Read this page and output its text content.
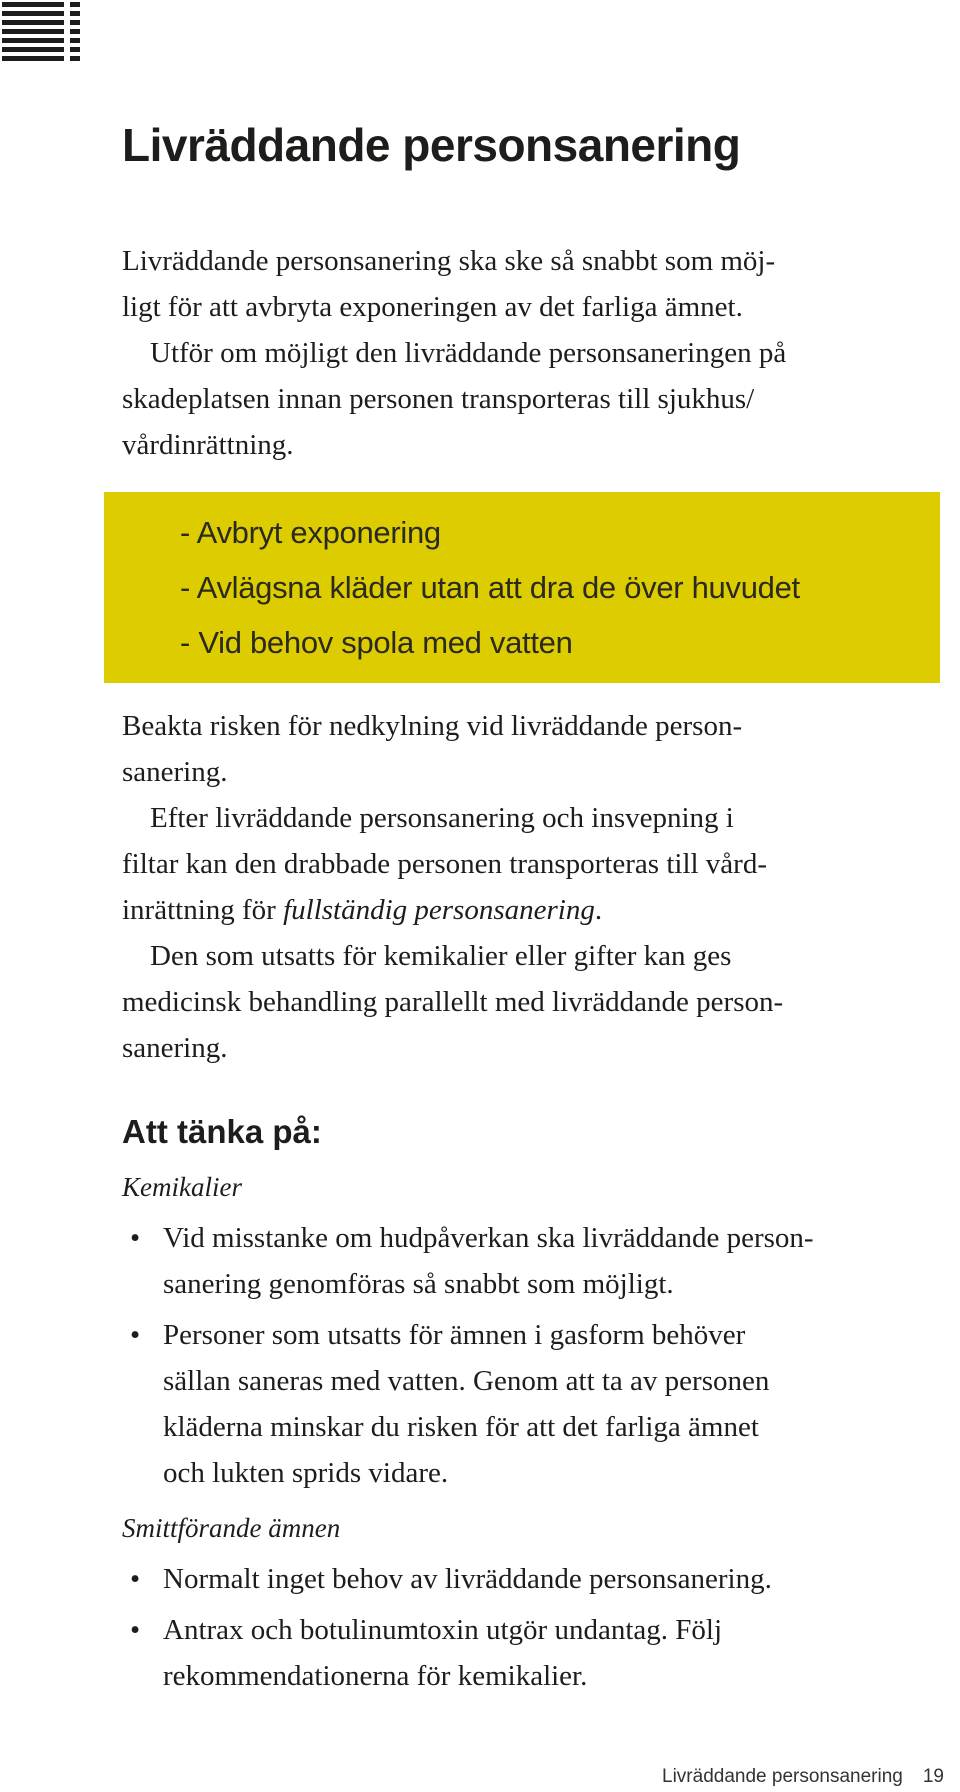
Livräddande personsanering

Livräddande personsanering ska ske så snabbt som möj-
ligt för att avbryta exponeringen av det farliga ämnet.

Utför om möjligt den livräddande personsaneringen på
skadeplatsen innan personen transporteras till sjukhus/
vårdinrättning.

- Avbryt exponering
- Avlägsna kläder utan att dra de över huvudet
- Vid behov spola med vatten

Beakta risken för nedkylning vid livräddande person-
sanering.

Efter livräddande personsanering och insvepning i
filtar kan den drabbade personen transporteras till vård-
inrättning för fullständig personsanering.

Den som utsatts för kemikalier eller gifter kan ges
medicinsk behandling parallellt med livräddande person-
sanering.

Att tänka på:

Kemikalier

• Vid misstanke om hudpåverkan ska livräddande person-
sanering genomföras så snabbt som möjligt.
• Personer som utsatts för ämnen i gasform behöver
sällan saneras med vatten. Genom att ta av personen
kläderna minskar du risken för att det farliga ämnet
och lukten sprids vidare.

Smittförande ämnen

• Normalt inget behov av livräddande personsanering.
• Antrax och botulinumtoxin utgör undantag. Följ
rekommendationerna för kemikalier.
Livräddande personsanering 19
